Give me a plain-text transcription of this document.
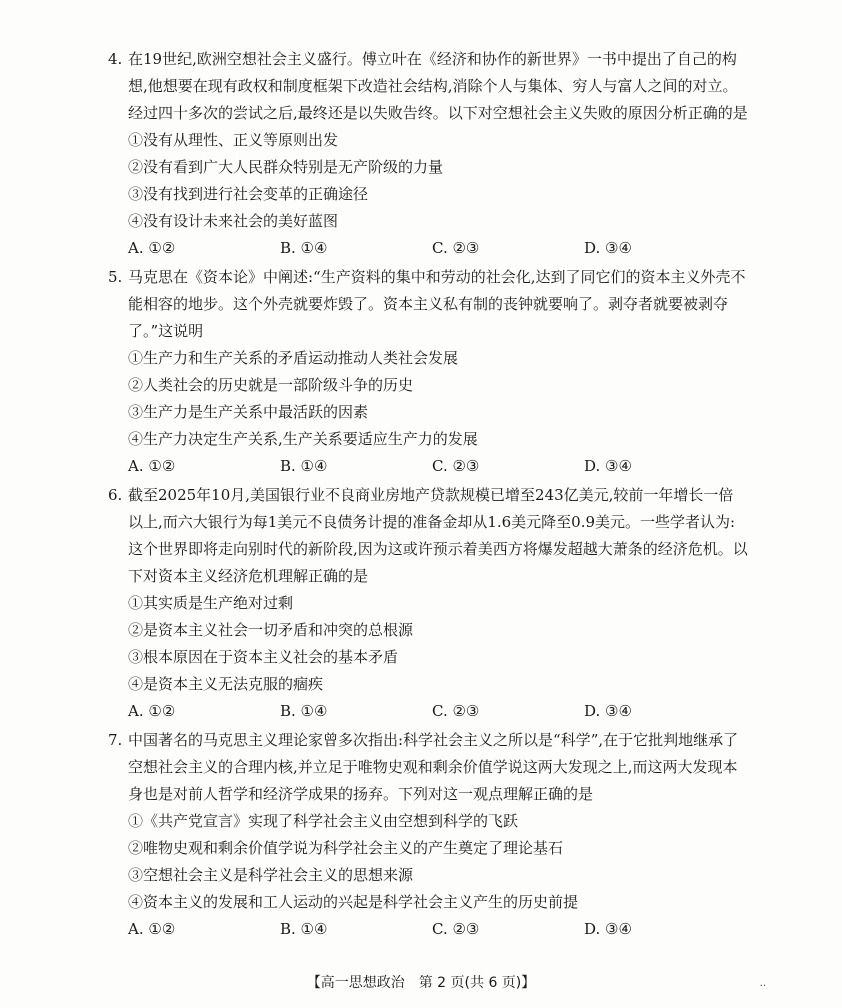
4. 在19世纪,欧洲空想社会主义盛行。傅立叶在《经济和协作的新世界》一书中提出了自己的构想,他想要在现有政权和制度框架下改造社会结构,消除个人与集体、穷人与富人之间的对立。经过四十多次的尝试之后,最终还是以失败告终。以下对空想社会主义失败的原因分析正确的是
①没有从理性、正义等原则出发
②没有看到广大人民群众特别是无产阶级的力量
③没有找到进行社会变革的正确途径
④没有设计未来社会的美好蓝图
A. ①②	B. ①④	C. ②③	D. ③④
5. 马克思在《资本论》中阐述:“生产资料的集中和劳动的社会化,达到了同它们的资本主义外壳不能相容的地步。这个外壳就要炸毁了。资本主义私有制的丧钟就要响了。剥夺者就要被剥夺了。”这说明
①生产力和生产关系的矛盾运动推动人类社会发展
②人类社会的历史就是一部阶级斗争的历史
③生产力是生产关系中最活跃的因素
④生产力决定生产关系,生产关系要适应生产力的发展
A. ①②	B. ①④	C. ②③	D. ③④
6. 截至2025年10月,美国银行业不良商业房地产贷款规模已增至243亿美元,较前一年增长一倍以上,而六大银行为每1美元不良债务计提的准备金却从1.6美元降至0.9美元。一些学者认为:这个世界即将走向别时代的新阶段,因为这或许预示着美西方将爆发超越大萧条的经济危机。以下对资本主义经济危机理解正确的是
①其实质是生产绝对过剩
②是资本主义社会一切矛盾和冲突的总根源
③根本原因在于资本主义社会的基本矛盾
④是资本主义无法克服的痼疾
A. ①②	B. ①④	C. ②③	D. ③④
7. 中国著名的马克思主义理论家曾多次指出:科学社会主义之所以是“科学”,在于它批判地继承了空想社会主义的合理内核,并立足于唯物史观和剩余价值学说这两大发现之上,而这两大发现本身也是对前人哲学和经济学成果的扬弃。下列对这一观点理解正确的是
①《共产党宣言》实现了科学社会主义由空想到科学的飞跃
②唯物史观和剩余价值学说为科学社会主义的产生奠定了理论基石
③空想社会主义是科学社会主义的思想来源
④资本主义的发展和工人运动的兴起是科学社会主义产生的历史前提
A. ①②	B. ①④	C. ②③	D. ③④
【高一思想政治　第 2 页(共 6 页)】	..
